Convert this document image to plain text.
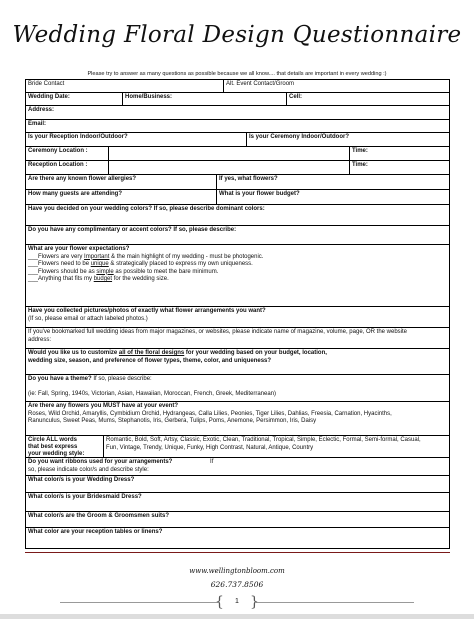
Wedding Floral Design Questionnaire
Please try to answer as many questions as possible because we all know.... that details are important in every wedding :)
Bride Contact	Alt. Event Contact/Groom
Wedding Date:	Home/Business:	Cell:
Address:
Email:
Is your Reception Indoor/Outdoor?	Is your Ceremony Indoor/Outdoor?
Ceremony Location :	Time:
Reception Location :	Time:
Are there any known flower allergies?	If yes, what flowers?
How many guests are attending?	What is your flower budget?
Have you decided on your wedding colors? If so, please describe dominant colors:
Do you have any complimentary or accent colors? If so, please describe:
What are your flower expectations?
___Flowers are very Important & the main highlight of my wedding - must be photogenic.
___Flowers need to be unique & strategically placed to express my own uniqueness.
___Flowers should be as simple as possible to meet the bare minimum.
___Anything that fits my budget for the wedding size.
Have you collected pictures/photos of exactly what flower arrangements you want?
(If so, please email or attach labeled photos.)
If you've bookmarked full wedding ideas from major magazines, or websites, please indicate name of magazine, volume, page, OR the website
address:
Would you like us to customize all of the floral designs for your wedding based on your budget, location,
wedding size, season, and preference of flower types, theme, color, and uniqueness?
Do you have a theme? If so, please describe:
(ie: Fall, Spring, 1940s, Victorian, Asian, Hawaiian, Moroccan, French, Greek, Mediterranean)
Are there any flowers you MUST have at your event?
Roses, Wild Orchid, Amaryllis, Cymbidium Orchid, Hydrangeas, Calla Lilies, Peonies, Tiger Lilies, Dahlias, Freesia, Carnation, Hyacinths,
Ranunculus, Sweet Peas, Mums, Stephanotis, Iris, Gerbera, Tulips, Poms, Anemone, Persimmon, Iris, Daisy
Circle ALL words
that best express
your wedding style:
Romantic, Bold, Soft, Artsy, Classic, Exotic, Clean, Traditional, Tropical, Simple, Eclectic, Formal, Semi-formal, Casual,
Fun, Vintage, Trendy, Unique, Funky, High Contrast, Natural, Antique, Country
Do you want ribbons used for your arrangements?	If
so, please indicate color/s and describe style:
What color/s is your Wedding Dress?
What color/s is your Bridesmaid Dress?
What color/s are the Groom & Groomsmen suits?
What color are your reception tables or linens?
www.wellingtonbloom.com
626.737.8506
{ }
1
